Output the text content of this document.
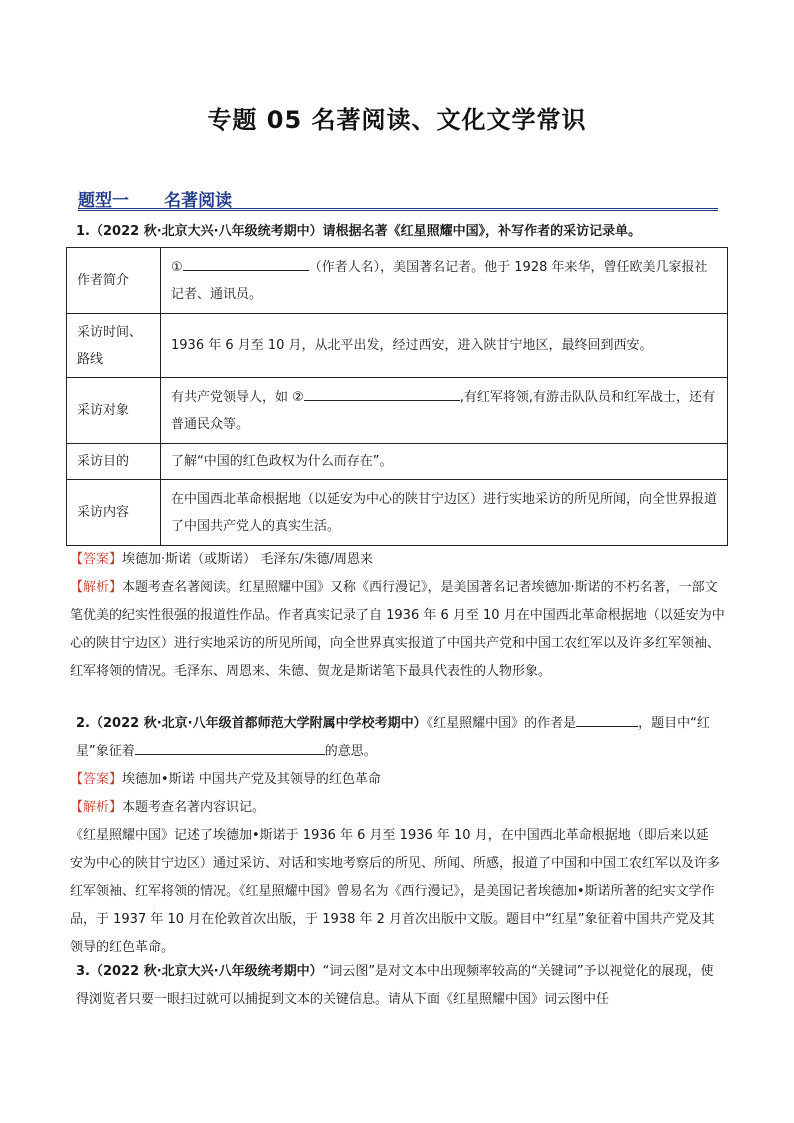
专题 05 名著阅读、文化文学常识
题型一 名著阅读
1.（2022 秋·北京大兴·八年级统考期中）请根据名著《红星照耀中国》，补写作者的采访记录单。
作者简介	① （作者人名），美国著名记者。他于 1928 年来华，曾任欧美几家报社记者、通讯员。
采访时间、路线	1936 年 6 月至 10 月，从北平出发，经过西安，进入陕甘宁地区，最终回到西安。
采访对象	有共产党领导人，如 ② ,有红军将领,有游击队队员和红军战士，还有普通民众等。
采访目的	了解“中国的红色政权为什么而存在”。
采访内容	在中国西北革命根据地（以延安为中心的陕甘宁边区）进行实地采访的所见所闻，向全世界报道了中国共产党人的真实生活。
【答案】埃德加·斯诺（或斯诺） 毛泽东/朱德/周恩来
【解析】本题考查名著阅读。红星照耀中国》又称《西行漫记》，是美国著名记者埃德加·斯诺的不朽名著，一部文笔优美的纪实性很强的报道性作品。作者真实记录了自 1936 年 6 月至 10 月在中国西北革命根据地（以延安为中心的陕甘宁边区）进行实地采访的所见所闻，向全世界真实报道了中国共产党和中国工农红军以及许多红军领袖、红军将领的情况。毛泽东、周恩来、朱德、贺龙是斯诺笔下最具代表性的人物形象。
2.（2022 秋·北京·八年级首都师范大学附属中学校考期中）《红星照耀中国》的作者是	，题目中“红星”象征着	的意思。
【答案】埃德加•斯诺 中国共产党及其领导的红色革命
【解析】本题考查名著内容识记。
《红星照耀中国》记述了埃德加•斯诺于 1936 年 6 月至 1936 年 10 月，在中国西北革命根据地（即后来以延安为中心的陕甘宁边区）通过采访、对话和实地考察后的所见、所闻、所感，报道了中国和中国工农红军以及许多红军领袖、红军将领的情况。《红星照耀中国》曾易名为《西行漫记》，是美国记者埃德加•斯诺所著的纪实文学作品，于 1937 年 10 月在伦敦首次出版，于 1938 年 2 月首次出版中文版。题目中“红星”象征着中国共产党及其领导的红色革命。
3.（2022 秋·北京大兴·八年级统考期中）“词云图”是对文本中出现频率较高的“关键词”予以视觉化的展现，使得浏览者只要一眼扫过就可以捕捉到文本的关键信息。请从下面《红星照耀中国》词云图中任
